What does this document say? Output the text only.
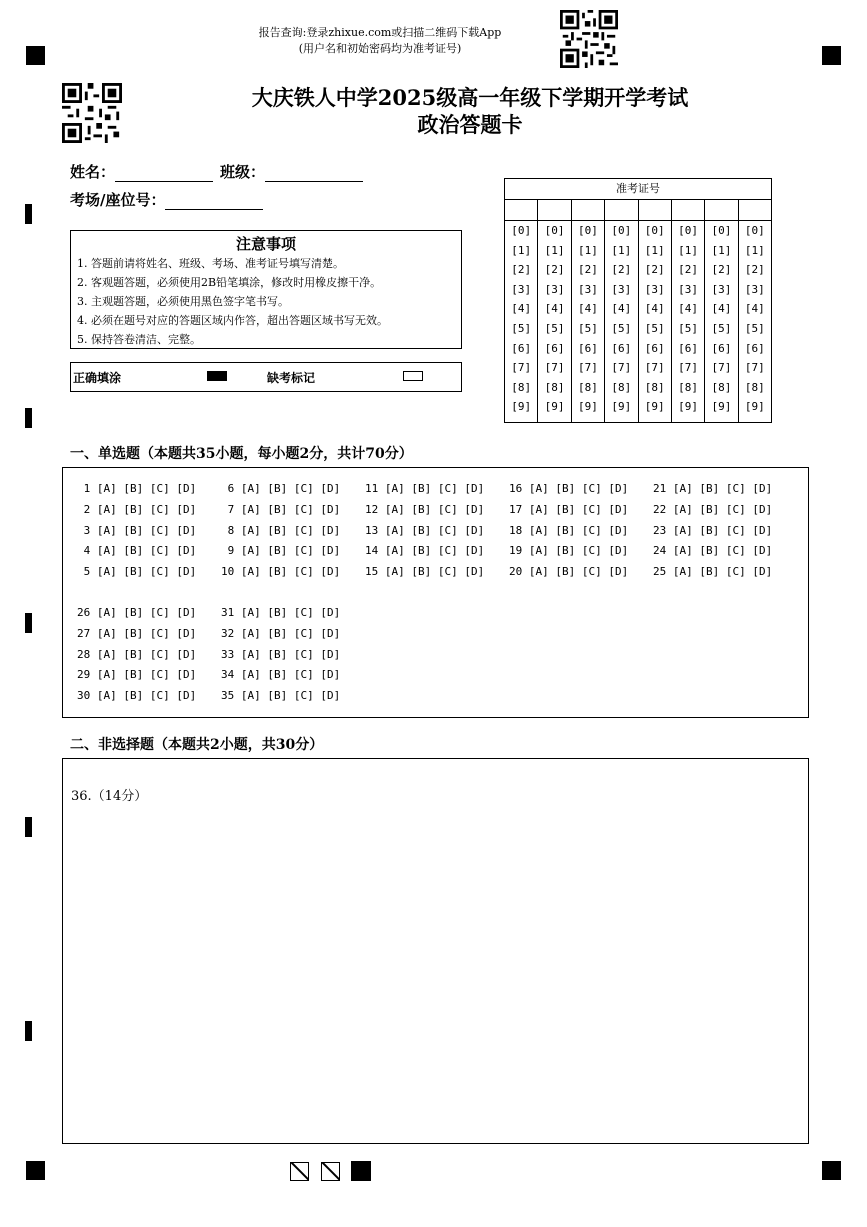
报告查询:登录zhixue.com或扫描二维码下载App
(用户名和初始密码均为准考证号)
大庆铁人中学2025级高一年级下学期开学考试
政治答题卡
姓名：	班级：
考场/座位号：
注意事项
1. 答题前请将姓名、班级、考场、准考证号填写清楚。
2. 客观题答题，必须使用2B铅笔填涂，修改时用橡皮擦干净。
3. 主观题答题，必须使用黑色签字笔书写。
4. 必须在题号对应的答题区域内作答，超出答题区域书写无效。
5. 保持答卷清洁、完整。
正确填涂	缺考标记
准考证号
[0]
[1]
[2]
[3]
[4]
[5]
[6]
[7]
[8]
[9]
[0]
[1]
[2]
[3]
[4]
[5]
[6]
[7]
[8]
[9]
[0]
[1]
[2]
[3]
[4]
[5]
[6]
[7]
[8]
[9]
[0]
[1]
[2]
[3]
[4]
[5]
[6]
[7]
[8]
[9]
[0]
[1]
[2]
[3]
[4]
[5]
[6]
[7]
[8]
[9]
[0]
[1]
[2]
[3]
[4]
[5]
[6]
[7]
[8]
[9]
[0]
[1]
[2]
[3]
[4]
[5]
[6]
[7]
[8]
[9]
[0]
[1]
[2]
[3]
[4]
[5]
[6]
[7]
[8]
[9]
一、单选题（本题共35小题，每小题2分，共计70分）
1 [A] [B] [C] [D]
2 [A] [B] [C] [D]
3 [A] [B] [C] [D]
4 [A] [B] [C] [D]
5 [A] [B] [C] [D]
6 [A] [B] [C] [D]
7 [A] [B] [C] [D]
8 [A] [B] [C] [D]
9 [A] [B] [C] [D]
10 [A] [B] [C] [D]
11 [A] [B] [C] [D]
12 [A] [B] [C] [D]
13 [A] [B] [C] [D]
14 [A] [B] [C] [D]
15 [A] [B] [C] [D]
16 [A] [B] [C] [D]
17 [A] [B] [C] [D]
18 [A] [B] [C] [D]
19 [A] [B] [C] [D]
20 [A] [B] [C] [D]
21 [A] [B] [C] [D]
22 [A] [B] [C] [D]
23 [A] [B] [C] [D]
24 [A] [B] [C] [D]
25 [A] [B] [C] [D]
26 [A] [B] [C] [D]
27 [A] [B] [C] [D]
28 [A] [B] [C] [D]
29 [A] [B] [C] [D]
30 [A] [B] [C] [D]
31 [A] [B] [C] [D]
32 [A] [B] [C] [D]
33 [A] [B] [C] [D]
34 [A] [B] [C] [D]
35 [A] [B] [C] [D]
二、非选择题（本题共2小题，共30分）
36.（14分）
